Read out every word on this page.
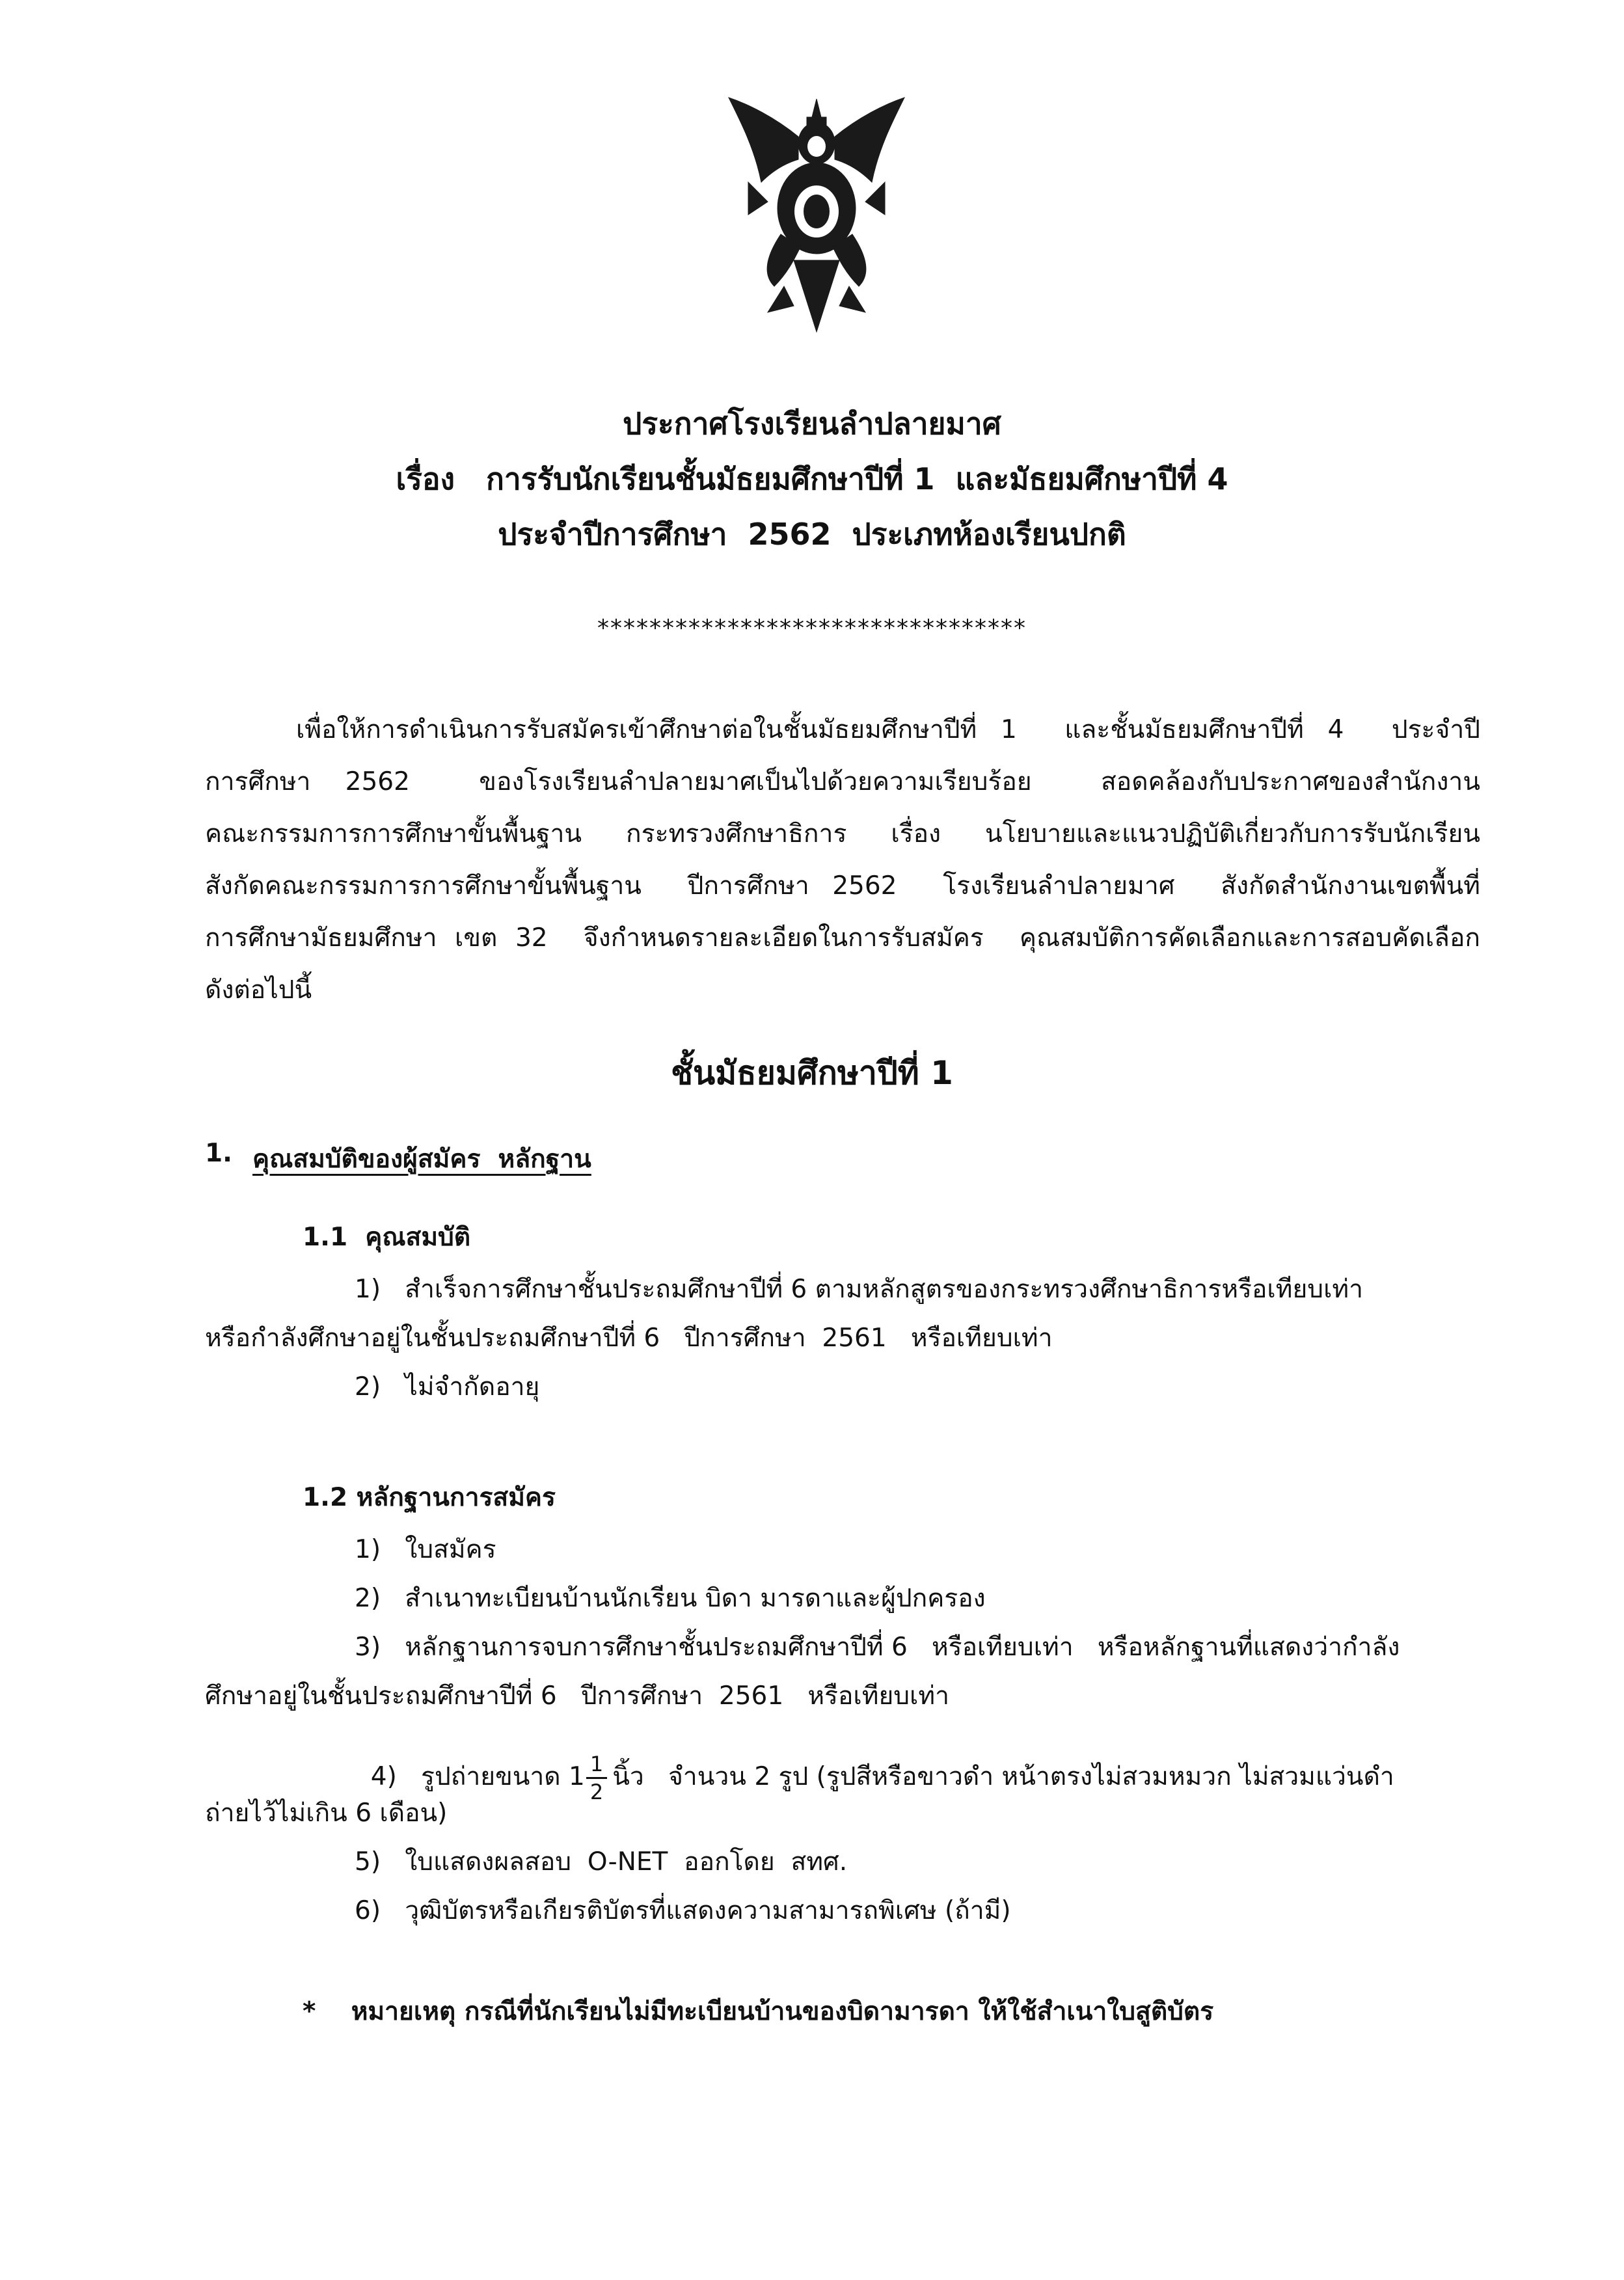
ประกาศโรงเรียนลำปลายมาศ
เรื่อง   การรับนักเรียนชั้นมัธยมศึกษาปีที่ 1  และมัธยมศึกษาปีที่ 4
ประจำปีการศึกษา  2562  ประเภทห้องเรียนปกติ
*********************************
เพื่อให้การดำเนินการรับสมัครเข้าศึกษาต่อในชั้นมัธยมศึกษาปีที่ 1  และชั้นมัธยมศึกษาปีที่ 4  ประจำปี
การศึกษา 2562  ของโรงเรียนลำปลายมาศเป็นไปด้วยความเรียบร้อย  สอดคล้องกับประกาศของสำนักงาน
คณะกรรมการการศึกษาขั้นพื้นฐาน  กระทรวงศึกษาธิการ  เรื่อง  นโยบายและแนวปฏิบัติเกี่ยวกับการรับนักเรียน
สังกัดคณะกรรมการการศึกษาขั้นพื้นฐาน  ปีการศึกษา 2562  โรงเรียนลำปลายมาศ  สังกัดสำนักงานเขตพื้นที่
การศึกษามัธยมศึกษา เขต 32  จึงกำหนดรายละเอียดในการรับสมัคร  คุณสมบัติการคัดเลือกและการสอบคัดเลือก
ดังต่อไปนี้
ชั้นมัธยมศึกษาปีที่ 1
1. คุณสมบัติของผู้สมัคร  หลักฐาน
1.1  คุณสมบัติ
1)   สำเร็จการศึกษาชั้นประถมศึกษาปีที่ 6 ตามหลักสูตรของกระทรวงศึกษาธิการหรือเทียบเท่า
หรือกำลังศึกษาอยู่ในชั้นประถมศึกษาปีที่ 6   ปีการศึกษา  2561   หรือเทียบเท่า
2)   ไม่จำกัดอายุ
1.2 หลักฐานการสมัคร
1)   ใบสมัคร
2)   สำเนาทะเบียนบ้านนักเรียน บิดา มารดาและผู้ปกครอง
3)   หลักฐานการจบการศึกษาชั้นประถมศึกษาปีที่ 6   หรือเทียบเท่า   หรือหลักฐานที่แสดงว่ากำลัง
ศึกษาอยู่ในชั้นประถมศึกษาปีที่ 6   ปีการศึกษา  2561   หรือเทียบเท่า

4)   รูปถ่ายขนาด $1 \frac{1}{2}$ นิ้ว   จำนวน 2 รูป (รูปสีหรือขาวดำ หน้าตรงไม่สวมหมวก ไม่สวมแว่นดำ

ถ่ายไว้ไม่เกิน 6 เดือน)
5)   ใบแสดงผลสอบ  O-NET  ออกโดย  สทศ.
6)   วุฒิบัตรหรือเกียรติบัตรที่แสดงความสามารถพิเศษ (ถ้ามี)
*    หมายเหตุ กรณีที่นักเรียนไม่มีทะเบียนบ้านของบิดามารดา ให้ใช้สำเนาใบสูติบัตร
